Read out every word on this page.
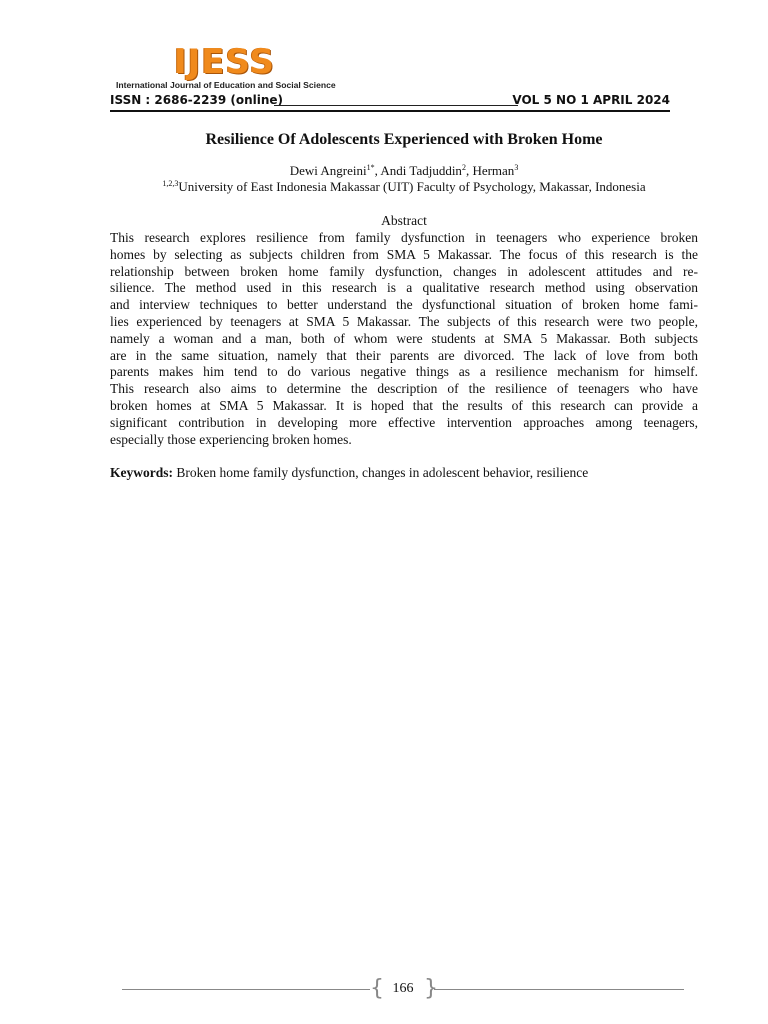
IJESS
International Journal of Education and Social Science
ISSN : 2686-2239 (online)	VOL 5 NO 1 APRIL 2024
Resilience Of Adolescents Experienced with Broken Home
Dewi Angreini$^{1*}$, Andi Tadjuddin$^2$, Herman$^3$
$^{1,2,3}$University of East Indonesia Makassar (UIT) Faculty of Psychology, Makassar, Indonesia
Abstract
This research explores resilience from family dysfunction in teenagers who experience broken
homes by selecting as subjects children from SMA 5 Makassar. The focus of this research is the
relationship between broken home family dysfunction, changes in adolescent attitudes and re-
silience. The method used in this research is a qualitative research method using observation
and interview techniques to better understand the dysfunctional situation of broken home fami-
lies experienced by teenagers at SMA 5 Makassar. The subjects of this research were two people,
namely a woman and a man, both of whom were students at SMA 5 Makassar. Both subjects
are in the same situation, namely that their parents are divorced. The lack of love from both
parents makes him tend to do various negative things as a resilience mechanism for himself.
This research also aims to determine the description of the resilience of teenagers who have
broken homes at SMA 5 Makassar. It is hoped that the results of this research can provide a
significant contribution in developing more effective intervention approaches among teenagers,
especially those experiencing broken homes.
Keywords: Broken home family dysfunction, changes in adolescent behavior, resilience
{ 166 }
